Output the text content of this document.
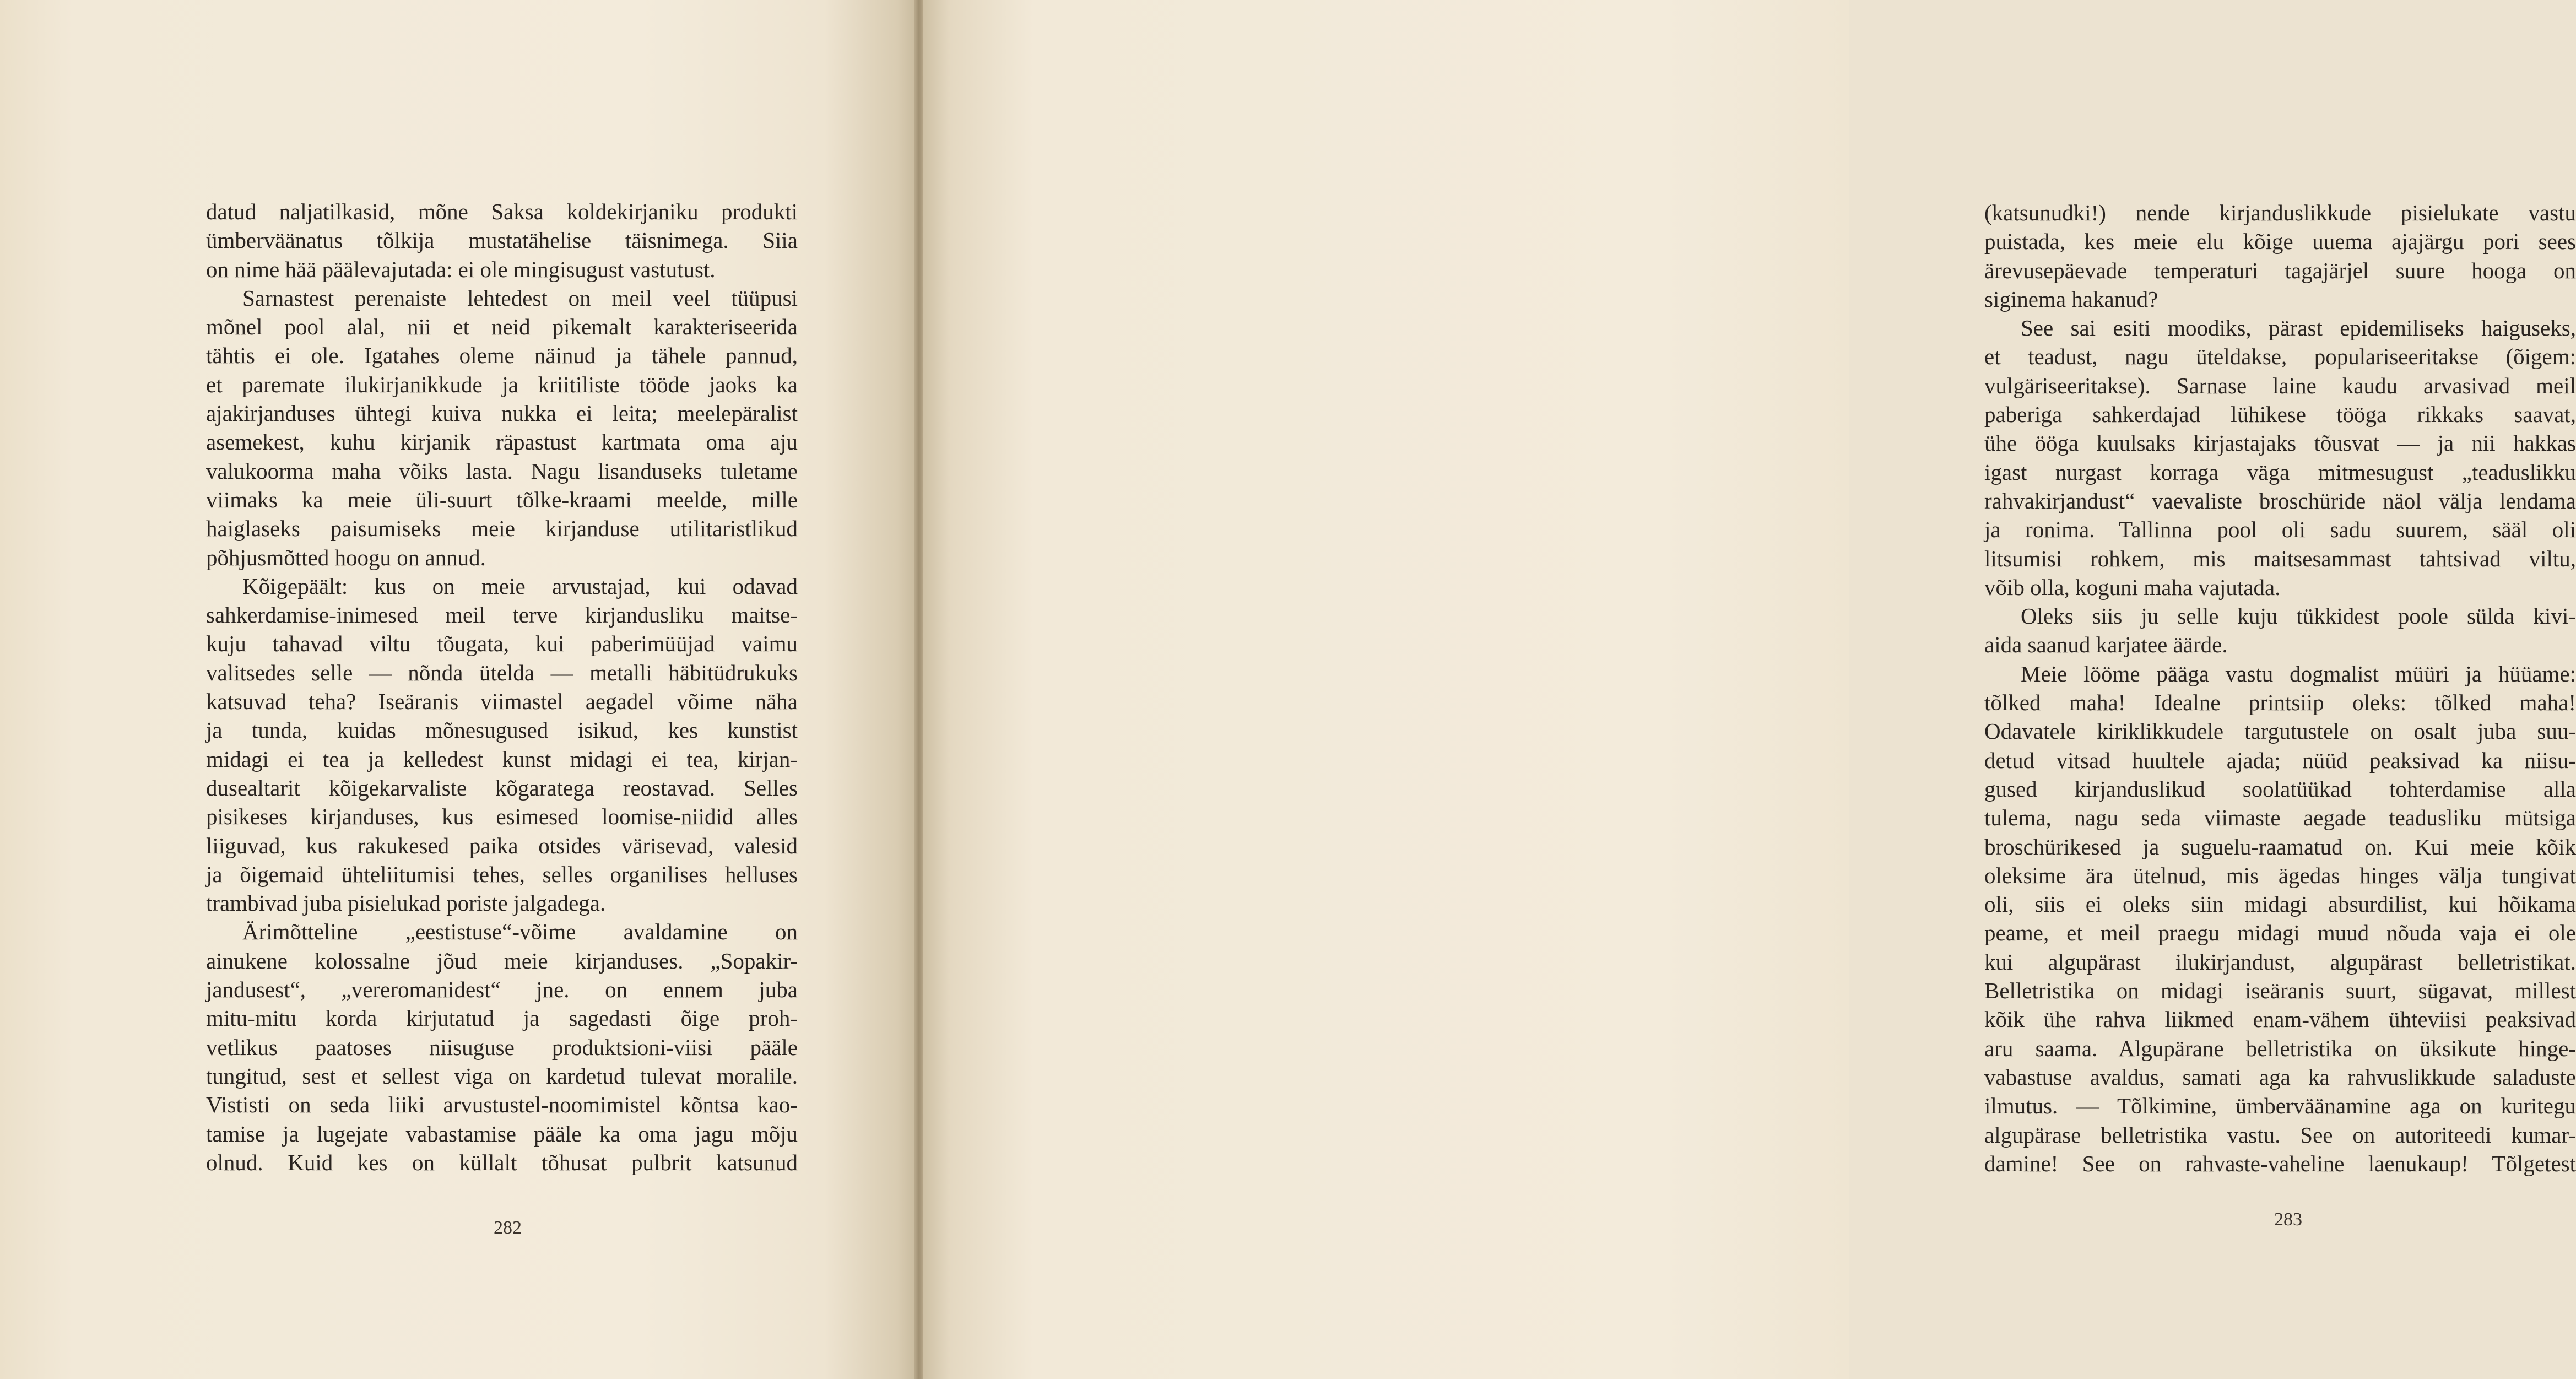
datud naljatilkasid, mõne Saksa koldekirjaniku produkti
ümberväänatus tõlkija mustatähelise täisnimega. Siia
on nime hää päälevajutada: ei ole mingisugust vastutust.
Sarnastest perenaiste lehtedest on meil veel tüüpusi
mõnel pool alal, nii et neid pikemalt karakteriseerida
tähtis ei ole. Igatahes oleme näinud ja tähele pannud,
et paremate ilukirjanikkude ja kriitiliste tööde jaoks ka
ajakirjanduses ühtegi kuiva nukka ei leita; meelepäralist
asemekest, kuhu kirjanik räpastust kartmata oma aju
valukoorma maha võiks lasta. Nagu lisanduseks tuletame
viimaks ka meie üli-suurt tõlke-kraami meelde, mille
haiglaseks paisumiseks meie kirjanduse utilitaristlikud
põhjusmõtted hoogu on annud.
Kõigepäält: kus on meie arvustajad, kui odavad
sahkerdamise-inimesed meil terve kirjandusliku maitse-
kuju tahavad viltu tõugata, kui paberimüüjad vaimu
valitsedes selle — nõnda ütelda — metalli häbitüdrukuks
katsuvad teha? Iseäranis viimastel aegadel võime näha
ja tunda, kuidas mõnesugused isikud, kes kunstist
midagi ei tea ja kelledest kunst midagi ei tea, kirjan-
dusealtarit kõigekarvaliste kõgaratega reostavad. Selles
pisikeses kirjanduses, kus esimesed loomise-niidid alles
liiguvad, kus rakukesed paika otsides värisevad, valesid
ja õigemaid ühteliitumisi tehes, selles organilises helluses
trambivad juba pisielukad poriste jalgadega.
Ärimõtteline „eestistuse“-võime avaldamine on
ainukene kolossalne jõud meie kirjanduses. „Sopakir-
jandusest“, „vereromanidest“ jne. on ennem juba
mitu-mitu korda kirjutatud ja sagedasti õige proh-
vetlikus paatoses niisuguse produktsioni-viisi pääle
tungitud, sest et sellest viga on kardetud tulevat moralile.
Vististi on seda liiki arvustustel-noomimistel kõntsa kao-
tamise ja lugejate vabastamise pääle ka oma jagu mõju
olnud. Kuid kes on küllalt tõhusat pulbrit katsunud
282
(katsunudki!) nende kirjanduslikkude pisielukate vastu
puistada, kes meie elu kõige uuema ajajärgu pori sees
ärevusepäevade temperaturi tagajärjel suure hooga on
siginema hakanud?
See sai esiti moodiks, pärast epidemiliseks haiguseks,
et teadust, nagu üteldakse, populariseeritakse (õigem:
vulgäriseeritakse). Sarnase laine kaudu arvasivad meil
paberiga sahkerdajad lühikese tööga rikkaks saavat,
ühe ööga kuulsaks kirjastajaks tõusvat — ja nii hakkas
igast nurgast korraga väga mitmesugust „teaduslikku
rahvakirjandust“ vaevaliste broschüride näol välja lendama
ja ronima. Tallinna pool oli sadu suurem, sääl oli
litsumisi rohkem, mis maitsesammast tahtsivad viltu,
võib olla, koguni maha vajutada.
Oleks siis ju selle kuju tükkidest poole sülda kivi-
aida saanud karjatee äärde.
Meie lööme pääga vastu dogmalist müüri ja hüüame:
tõlked maha! Idealne printsiip oleks: tõlked maha!
Odavatele kiriklikkudele targutustele on osalt juba suu-
detud vitsad huultele ajada; nüüd peaksivad ka niisu-
gused kirjanduslikud soolatüükad tohterdamise alla
tulema, nagu seda viimaste aegade teadusliku mütsiga
broschürikesed ja suguelu-raamatud on. Kui meie kõik
oleksime ära ütelnud, mis ägedas hinges välja tungivat
oli, siis ei oleks siin midagi absurdilist, kui hõikama
peame, et meil praegu midagi muud nõuda vaja ei ole
kui algupärast ilukirjandust, algupärast belletristikat.
Belletristika on midagi iseäranis suurt, sügavat, millest
kõik ühe rahva liikmed enam-vähem ühteviisi peaksivad
aru saama. Algupärane belletristika on üksikute hinge-
vabastuse avaldus, samati aga ka rahvuslikkude saladuste
ilmutus. — Tõlkimine, ümberväänamine aga on kuritegu
algupärase belletristika vastu. See on autoriteedi kumar-
damine! See on rahvaste-vaheline laenukaup! Tõlgetest
283
